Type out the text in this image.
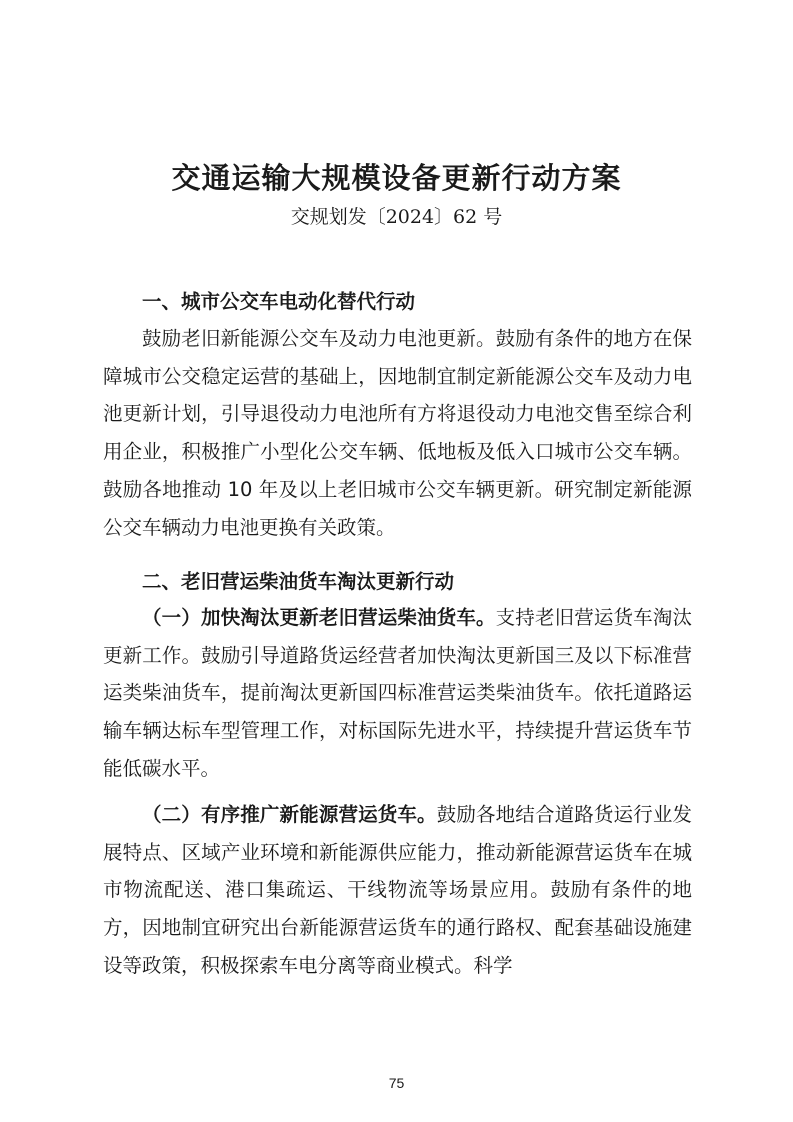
交通运输大规模设备更新行动方案
交规划发〔2024〕62 号
一、城市公交车电动化替代行动

鼓励老旧新能源公交车及动力电池更新。鼓励有条件的地方在保障城市公交稳定运营的基础上，因地制宜制定新能源公交车及动力电池更新计划，引导退役动力电池所有方将退役动力电池交售至综合利用企业，积极推广小型化公交车辆、低地板及低入口城市公交车辆。鼓励各地推动 10 年及以上老旧城市公交车辆更新。研究制定新能源公交车辆动力电池更换有关政策。

二、老旧营运柴油货车淘汰更新行动

（一）加快淘汰更新老旧营运柴油货车。支持老旧营运货车淘汰更新工作。鼓励引导道路货运经营者加快淘汰更新国三及以下标准营运类柴油货车，提前淘汰更新国四标准营运类柴油货车。依托道路运输车辆达标车型管理工作，对标国际先进水平，持续提升营运货车节能低碳水平。

（二）有序推广新能源营运货车。鼓励各地结合道路货运行业发展特点、区域产业环境和新能源供应能力，推动新能源营运货车在城市物流配送、港口集疏运、干线物流等场景应用。鼓励有条件的地方，因地制宜研究出台新能源营运货车的通行路权、配套基础设施建设等政策，积极探索车电分离等商业模式。科学

75
